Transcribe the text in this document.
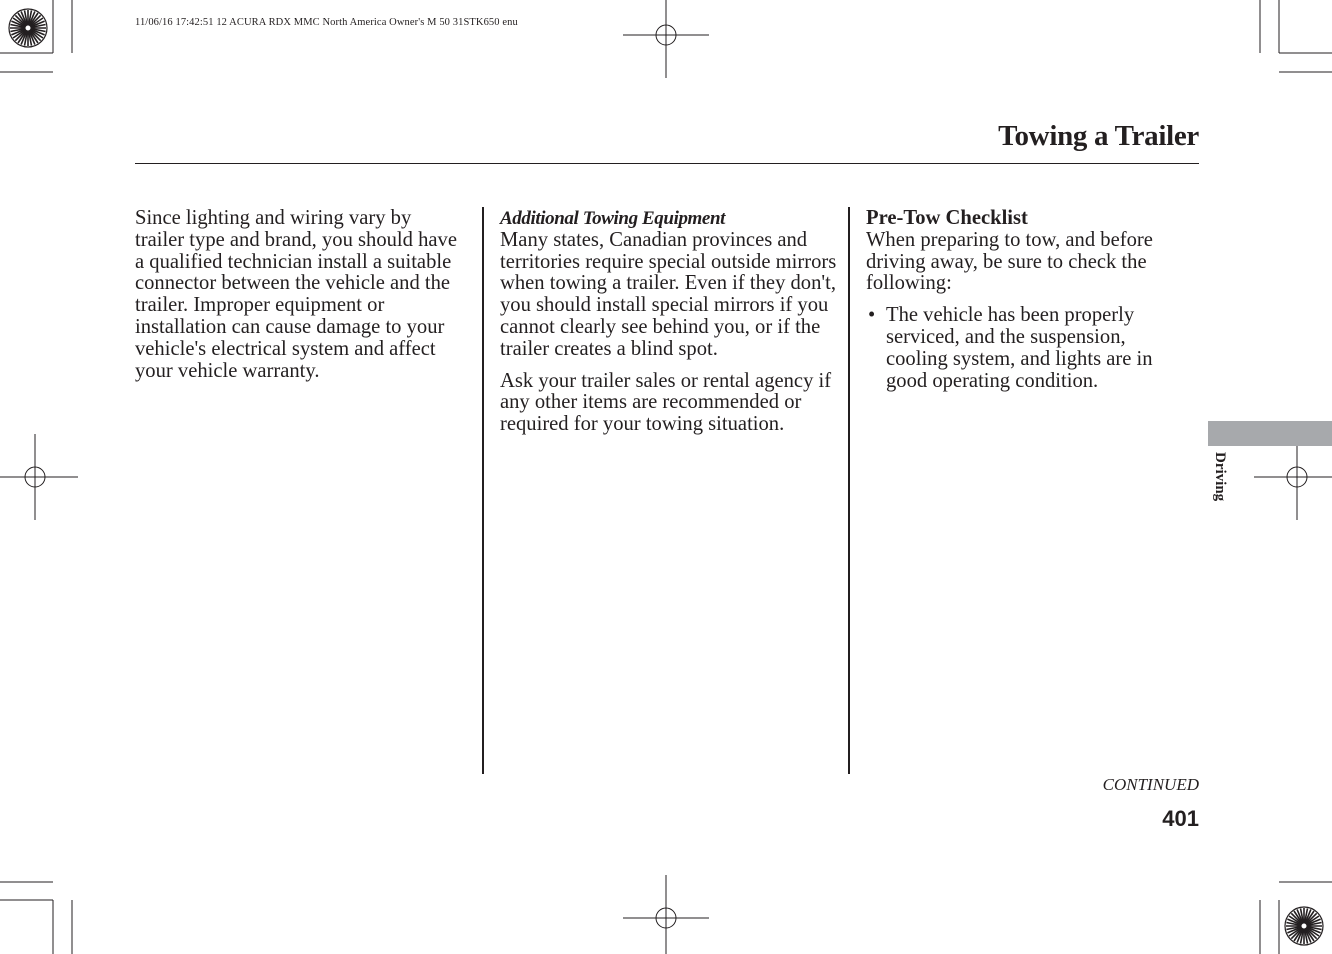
11/06/16 17:42:51 12 ACURA RDX MMC North America Owner's M 50 31STK650 enu
Towing a Trailer

Since lighting and wiring vary by trailer type and brand, you should have a qualified technician install a suitable connector between the vehicle and the trailer. Improper equipment or installation can cause damage to your vehicle's electrical system and affect your vehicle warranty.

Additional Towing Equipment

Many states, Canadian provinces and territories require special outside mirrors when towing a trailer. Even if they don't, you should install special mirrors if you cannot clearly see behind you, or if the trailer creates a blind spot.

Ask your trailer sales or rental agency if any other items are recommended or required for your towing situation.

Pre-Tow Checklist

When preparing to tow, and before driving away, be sure to check the following:

• The vehicle has been properly serviced, and the suspension, cooling system, and lights are in good operating condition.
Driving
CONTINUED
401
